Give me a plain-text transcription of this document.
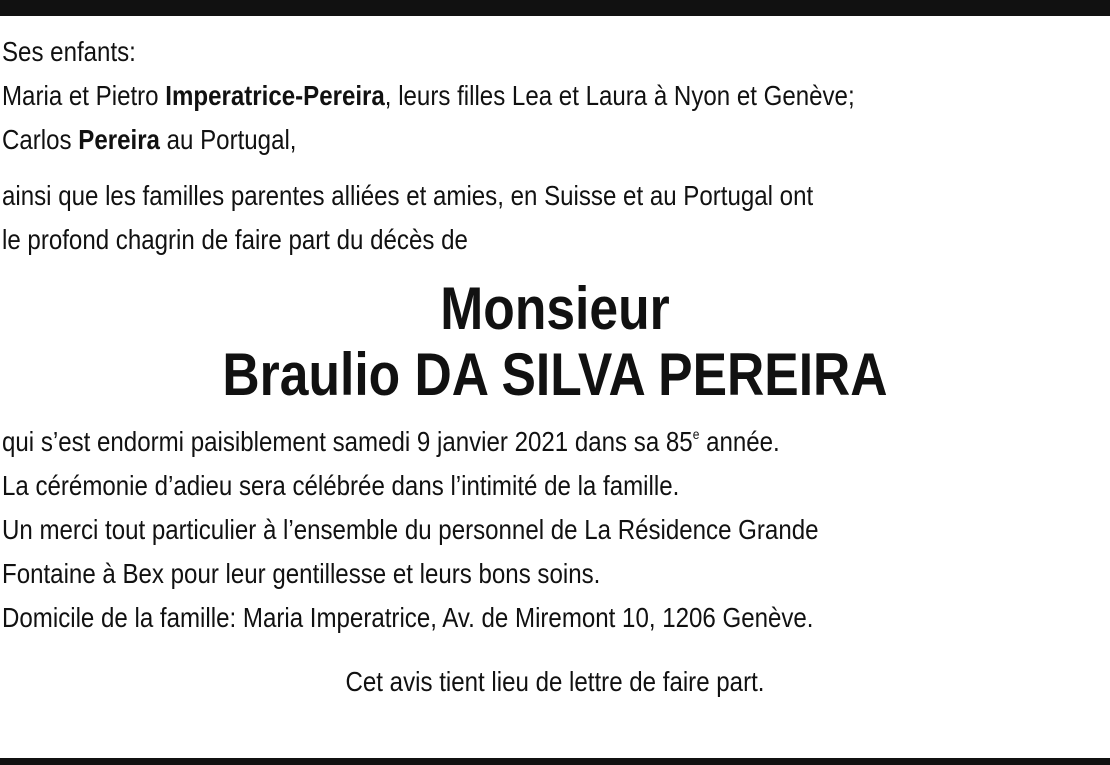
Ses enfants:
Maria et Pietro Imperatrice-Pereira, leurs filles Lea et Laura à Nyon et Genève;
Carlos Pereira au Portugal,
ainsi que les familles parentes alliées et amies, en Suisse et au Portugal ont
le profond chagrin de faire part du décès de
Monsieur
Braulio DA SILVA PEREIRA
qui s’est endormi paisiblement samedi 9 janvier 2021 dans sa 85e année.
La cérémonie d’adieu sera célébrée dans l’intimité de la famille.
Un merci tout particulier à l’ensemble du personnel de La Résidence Grande
Fontaine à Bex pour leur gentillesse et leurs bons soins.
Domicile de la famille: Maria Imperatrice, Av. de Miremont 10, 1206 Genève.
Cet avis tient lieu de lettre de faire part.
